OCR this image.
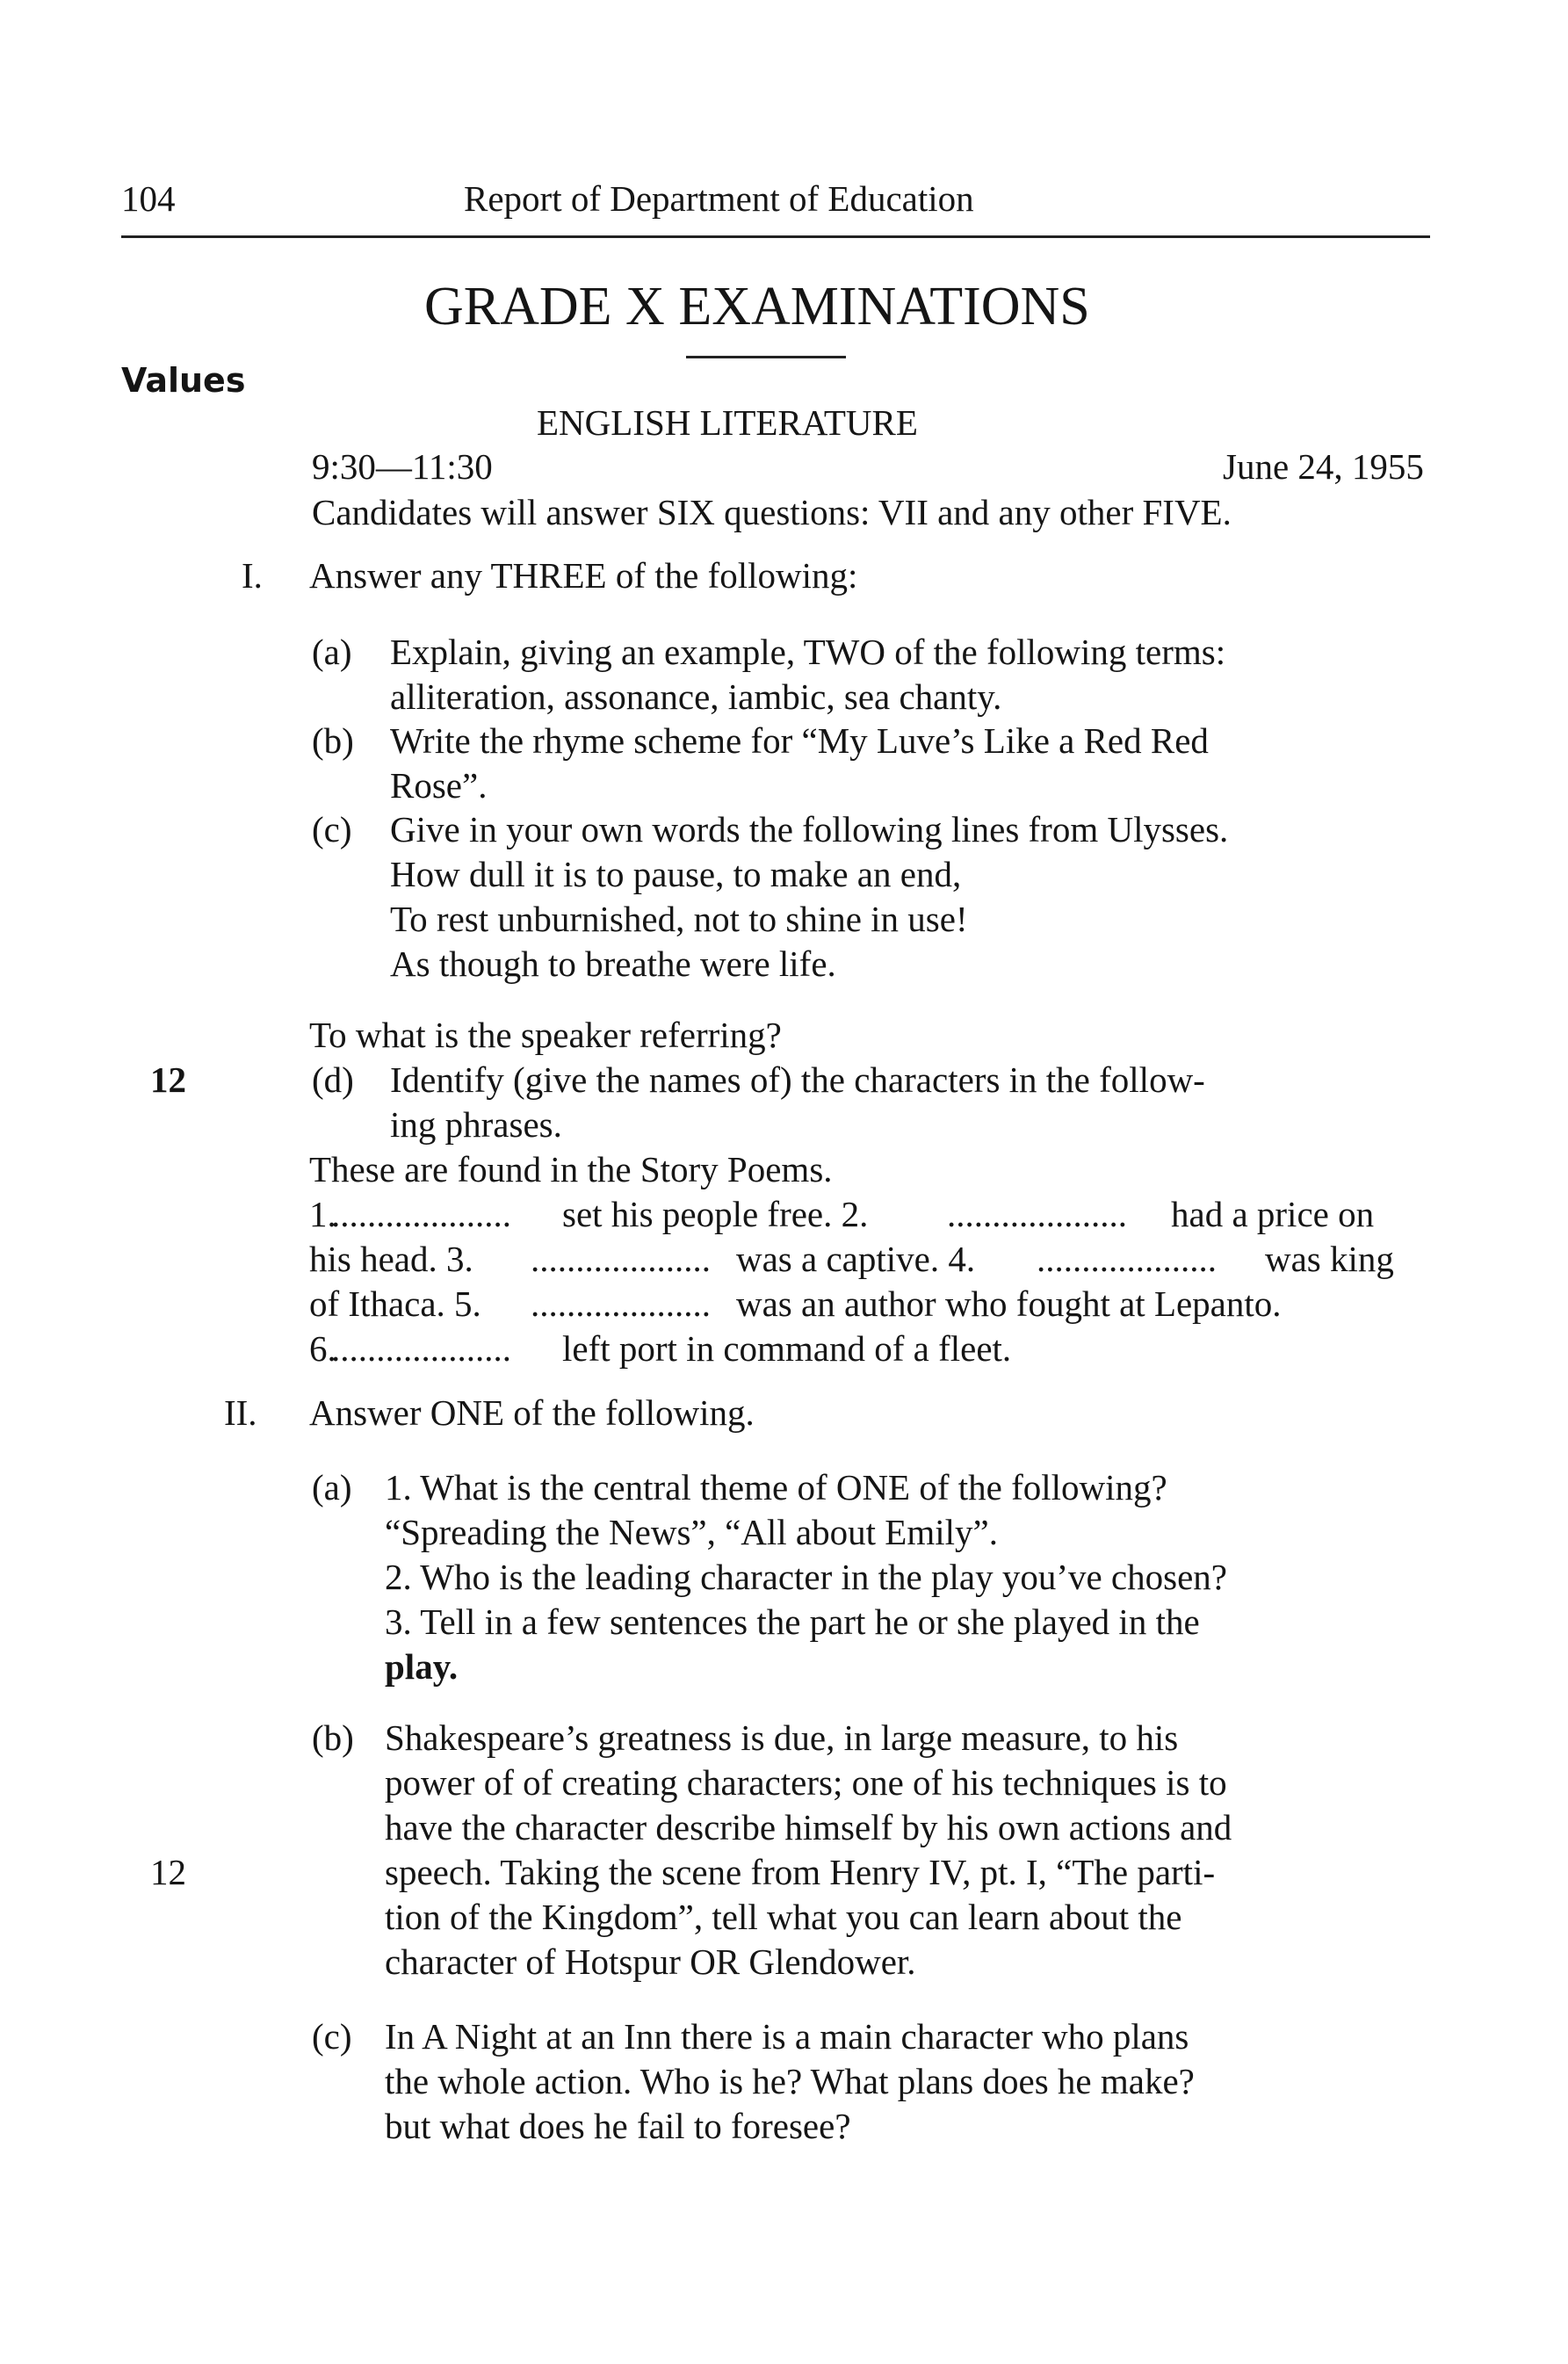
104	Report of Department of Education
GRADE X EXAMINATIONS
Values
ENGLISH LITERATURE
9:30—11:30	June 24, 1955
Candidates will answer SIX questions: VII and any other FIVE.
I. Answer any THREE of the following:
(a) Explain, giving an example, TWO of the following terms:
alliteration, assonance, iambic, sea chanty.
(b) Write the rhyme scheme for “My Luve’s Like a Red Red
Rose”.
(c) Give in your own words the following lines from Ulysses.
How dull it is to pause, to make an end,
To rest unburnished, not to shine in use!
As though to breathe were life.
To what is the speaker referring?
12	(d) Identify (give the names of) the characters in the follow-
ing phrases.
These are found in the Story Poems.
1.
.................... set his people free. 2. .................... had a price on
his head. 3. .................... was a captive. 4. .................... was king
of Ithaca. 5. .................... was an author who fought at Lepanto.
6.
.................... left port in command of a fleet.
II. Answer ONE of the following.
(a) 1. What is the central theme of ONE of the following?
“Spreading the News”, “All about Emily”.
2. Who is the leading character in the play you’ve chosen?
3. Tell in a few sentences the part he or she played in the
play.
(b) Shakespeare’s greatness is due, in large measure, to his
power of of creating characters; one of his techniques is to
have the character describe himself by his own actions and
12	speech. Taking the scene from Henry IV, pt. I, “The parti-
tion of the Kingdom”, tell what you can learn about the
character of Hotspur OR Glendower.
(c) In A Night at an Inn there is a main character who plans
the whole action. Who is he? What plans does he make?
but what does he fail to foresee?
